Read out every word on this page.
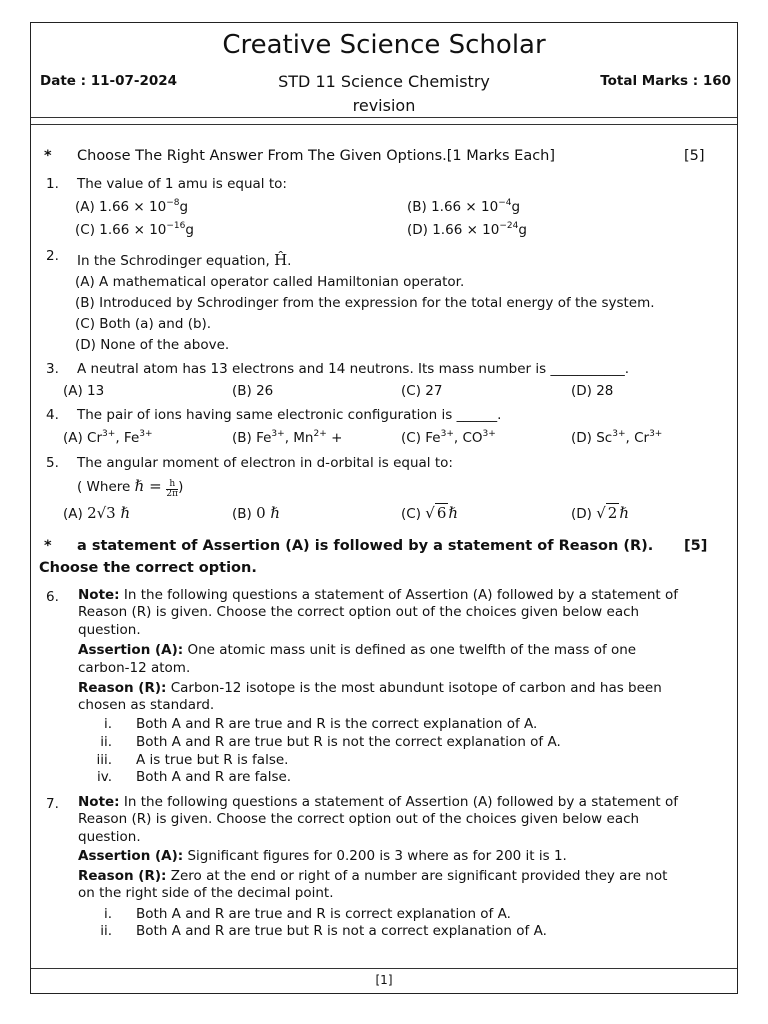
Creative Science Scholar
Date : 11-07-2024	STD 11 Science Chemistry
revision
Total Marks : 160
* Choose The Right Answer From The Given Options.[1 Marks Each]	[5]
1. The value of 1 amu is equal to:
(A) $1.66 \times 10^{-8}g$	(B) $1.66 \times 10^{-4}g$
(C) $1.66 \times 10^{-16}g$	(D) $1.66 \times 10^{-24}g$
2. In the Schrodinger equation, Ĥ.
(A) A mathematical operator called Hamiltonian operator.
(B) Introduced by Schrodinger from the expression for the total energy of the system.
(C) Both (a) and (b).
(D) None of the above.
3. A neutral atom has 13 electrons and 14 neutrons. Its mass number is ___________.
(A) 13	(B) 26	(C) 27	(D) 28
4. The pair of ions having same electronic configuration is ______.
(A) $Cr^{3+}$, $Fe^{3+}$	(B) $Fe^{3+}$, $Mn^{2+}$ +	(C) $Fe^{3+}$, $CO^{3+}$	(D) $Sc^{3+}$, $Cr^{3+}$
5. The angular moment of electron in d-orbital is equal to:
( Where ℏ = $\frac{h}{2\pi}$ )
(A) 2√3 ℏ	(B) 0 ℏ	(C) √ 6 ℏ	(D) √ 2 ℏ
* a statement of Assertion (A) is followed by a statement of Reason (R). [5]
Choose the correct option.
6. Note: In the following questions a statement of Assertion (A) followed by a statement of
Reason (R) is given. Choose the correct option out of the choices given below each
question.
Assertion (A): One atomic mass unit is defined as one twelfth of the mass of one
carbon-12 atom.
Reason (R): Carbon-12 isotope is the most abundunt isotope of carbon and has been
chosen as standard.
i. Both A and R are true and R is the correct explanation of A.
ii. Both A and R are true but R is not the correct explanation of A.
iii. A is true but R is false.
iv. Both A and R are false.
7. Note: In the following questions a statement of Assertion (A) followed by a statement of
Reason (R) is given. Choose the correct option out of the choices given below each
question.
Assertion (A): Significant figures for 0.200 is 3 where as for 200 it is 1.
Reason (R): Zero at the end or right of a number are significant provided they are not
on the right side of the decimal point.
i. Both A and R are true and R is correct explanation of A.
ii. Both A and R are true but R is not a correct explanation of A.
[1]
